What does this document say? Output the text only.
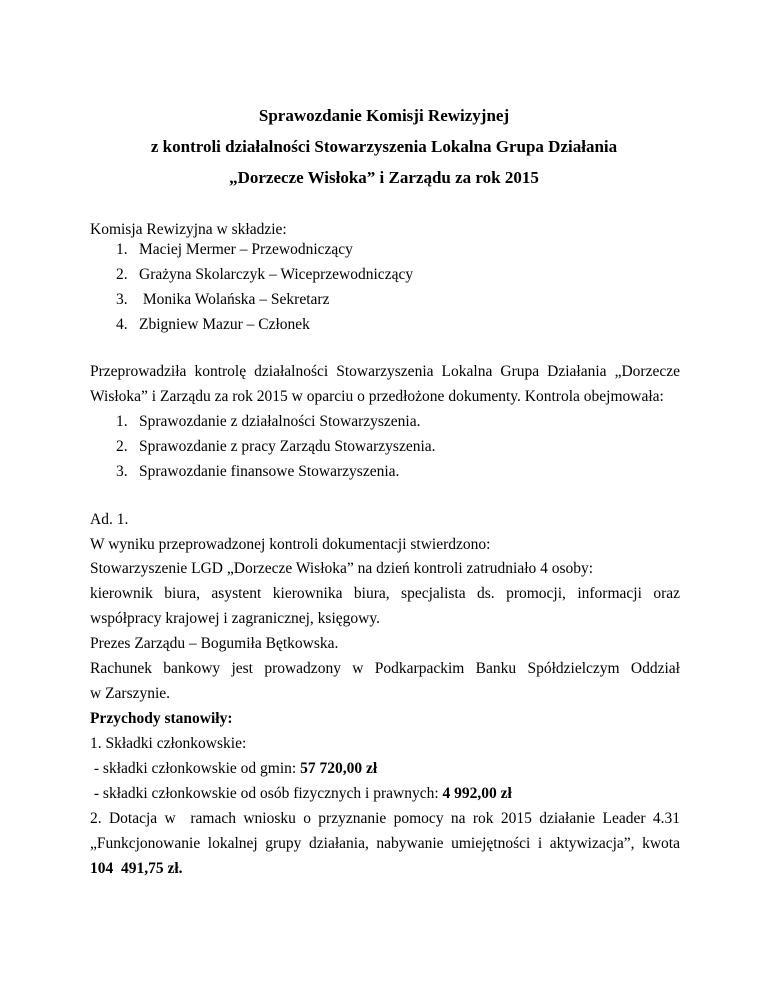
Sprawozdanie Komisji Rewizyjnej
z kontroli działalności Stowarzyszenia Lokalna Grupa Działania
„Dorzecze Wisłoka” i Zarządu za rok 2015
Komisja Rewizyjna w składzie:
1. Maciej Mermer – Przewodniczący
2. Grażyna Skolarczyk – Wiceprzewodniczący
3. Monika Wolańska – Sekretarz
4. Zbigniew Mazur – Członek
Przeprowadziła kontrolę działalności Stowarzyszenia Lokalna Grupa Działania „Dorzecze
Wisłoka” i Zarządu za rok 2015 w oparciu o przedłożone dokumenty. Kontrola obejmowała:
1. Sprawozdanie z działalności Stowarzyszenia.
2. Sprawozdanie z pracy Zarządu Stowarzyszenia.
3. Sprawozdanie finansowe Stowarzyszenia.
Ad. 1.
W wyniku przeprowadzonej kontroli dokumentacji stwierdzono:
Stowarzyszenie LGD „Dorzecze Wisłoka” na dzień kontroli zatrudniało 4 osoby:
kierownik biura, asystent kierownika biura, specjalista ds. promocji, informacji oraz
współpracy krajowej i zagranicznej, księgowy.
Prezes Zarządu – Bogumiła Bętkowska.
Rachunek bankowy jest prowadzony w Podkarpackim Banku Spółdzielczym Oddział
w Zarszynie.
Przychody stanowiły:
1. Składki członkowskie:
- składki członkowskie od gmin: 57 720,00 zł
- składki członkowskie od osób fizycznych i prawnych: 4 992,00 zł
2. Dotacja w  ramach wniosku o przyznanie pomocy na rok 2015 działanie Leader 4.31
„Funkcjonowanie lokalnej grupy działania, nabywanie umiejętności i aktywizacja”, kwota
104  491,75 zł.
